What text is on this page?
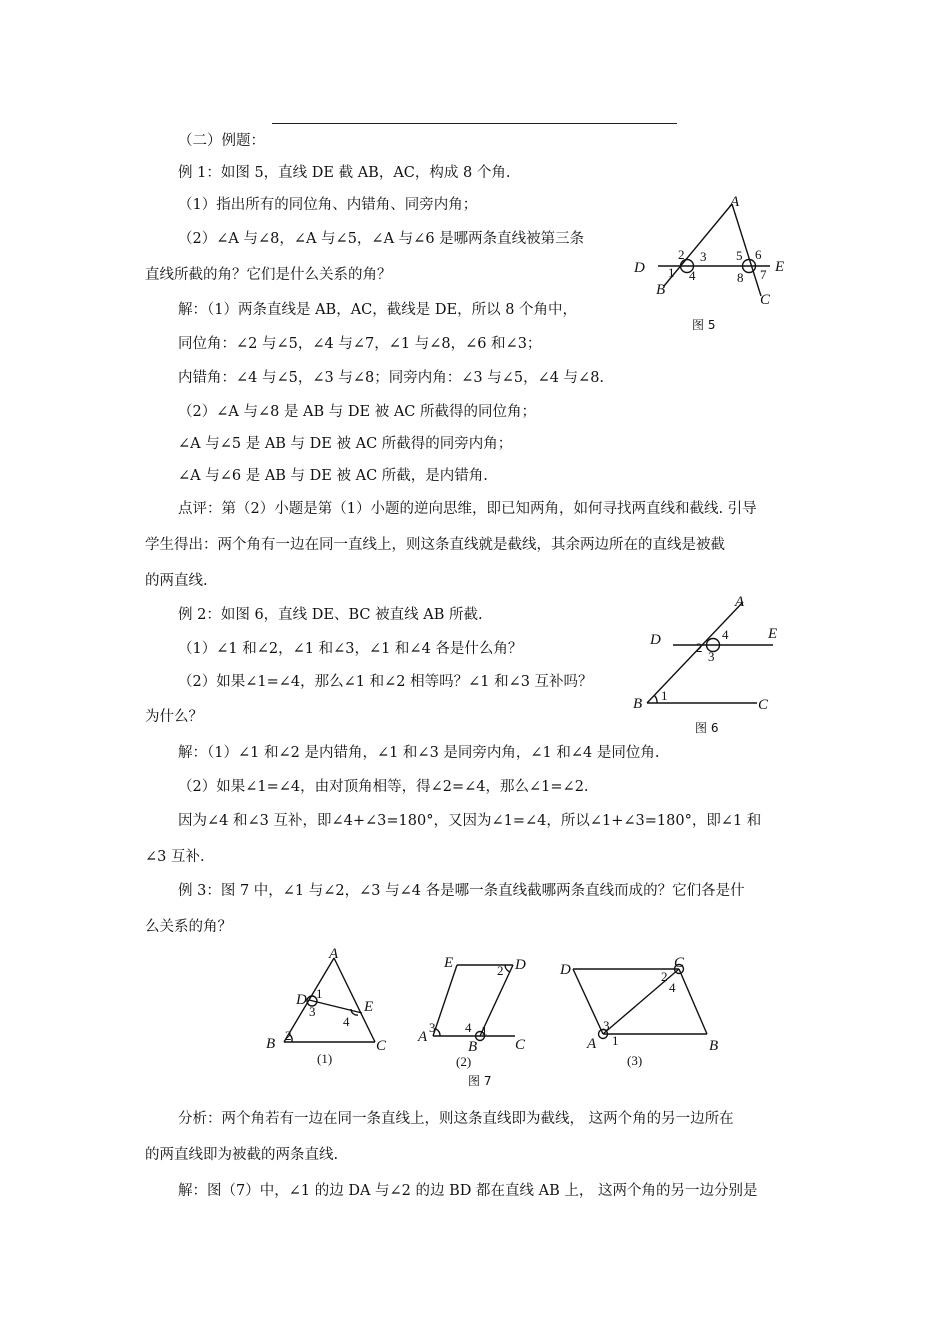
（二）例题：
例 1：如图 5，直线 DE 截 AB，AC，构成 8 个角.
（1）指出所有的同位角、内错角、同旁内角；
（2）∠A 与∠8，∠A 与∠5，∠A 与∠6 是哪两条直线被第三条
直线所截的角？它们是什么关系的角？
解：（1）两条直线是 AB，AC，截线是 DE，所以 8 个角中，
同位角：∠2 与∠5，∠4 与∠7，∠1 与∠8，∠6 和∠3；
内错角：∠4 与∠5，∠3 与∠8；同旁内角：∠3 与∠5，∠4 与∠8.
（2）∠A 与∠8 是 AB 与 DE 被 AC 所截得的同位角；
∠A 与∠5 是 AB 与 DE 被 AC 所截得的同旁内角；
∠A 与∠6 是 AB 与 DE 被 AC 所截，是内错角.
点评：第（2）小题是第（1）小题的逆向思维，即已知两角，如何寻找两直线和截线. 引导
学生得出：两个角有一边在同一直线上，则这条直线就是截线，其余两边所在的直线是被截
的两直线.
例 2：如图 6，直线 DE、BC 被直线 AB 所截.
（1）∠1 和∠2，∠1 和∠3，∠1 和∠4 各是什么角？
（2）如果∠1=∠4，那么∠1 和∠2 相等吗？∠1 和∠3 互补吗？
为什么？
解：（1）∠1 和∠2 是内错角，∠1 和∠3 是同旁内角，∠1 和∠4 是同位角.
（2）如果∠1=∠4，由对顶角相等，得∠2=∠4，那么∠1=∠2.
因为∠4 和∠3 互补，即∠4+∠3=180°，又因为∠1=∠4，所以∠1+∠3=180°，即∠1 和
∠3 互补.
例 3：图 7 中，∠1 与∠2，∠3 与∠4 各是哪一条直线截哪两条直线而成的？它们各是什
么关系的角？
分析：两个角若有一边在同一条直线上，则这条直线即为截线， 这两个角的另一边所在
的两直线即为被截的两条直线.
解：图（7）中，∠1 的边 DA 与∠2 的边 BD 都在直线 AB 上， 这两个角的另一边分别是
A
D	E
B
C
1
2 3
4
5 6
7
8
图 5
A
D	E
B	C
1
2
3
4
图 6
A
D	E
B	C
1
2
3
4
(1)
E	D
A
B	C
1
2
3 4
(2)
D	C
A	B
1
2
3
4
(3)
图 7
